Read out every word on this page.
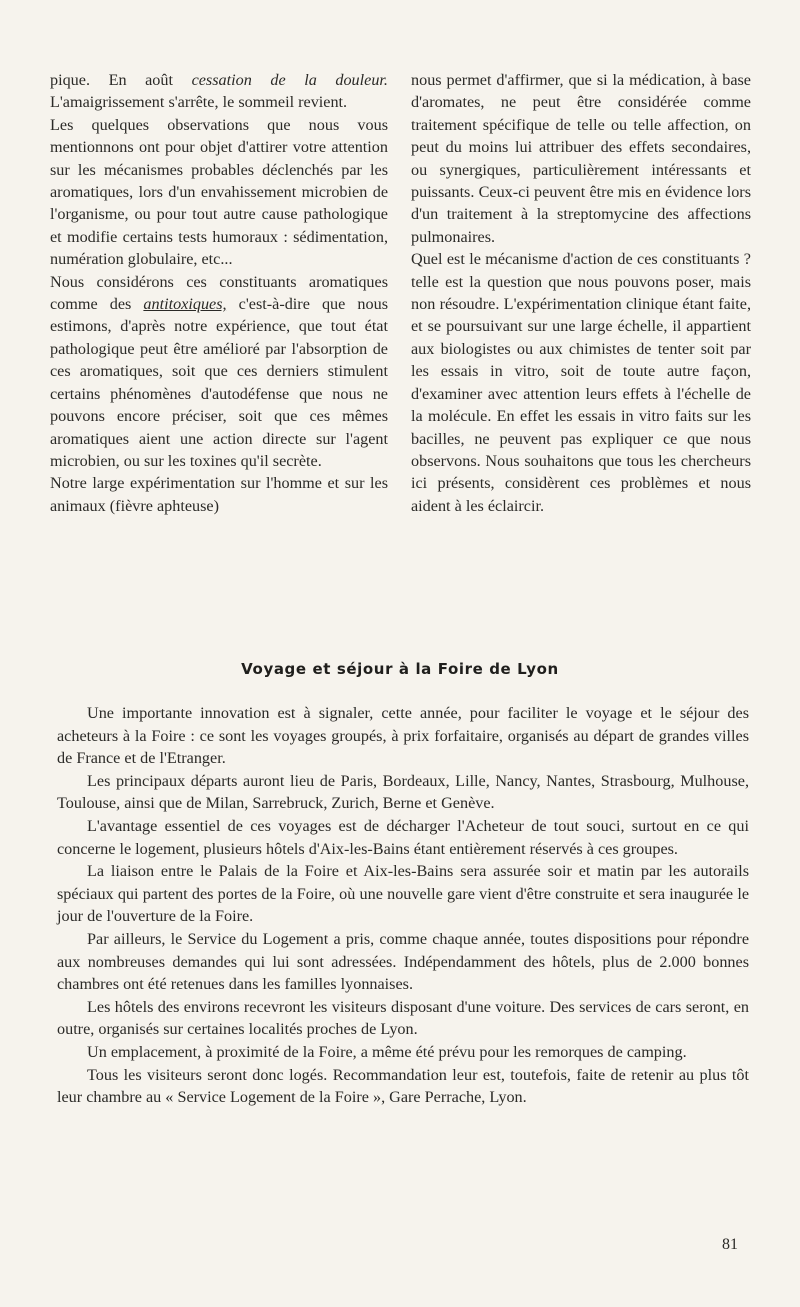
pique. En août cessation de la douleur. L'amaigrissement s'arrête, le sommeil revient.

Les quelques observations que nous vous mentionnons ont pour objet d'attirer votre attention sur les mécanismes probables déclenchés par les aromatiques, lors d'un envahissement microbien de l'organisme, ou pour tout autre cause pathologique et modifie certains tests humoraux : sédimentation, numération globulaire, etc...

Nous considérons ces constituants aromatiques comme des antitoxiques, c'est-à-dire que nous estimons, d'après notre expérience, que tout état pathologique peut être amélioré par l'absorption de ces aromatiques, soit que ces derniers stimulent certains phénomènes d'autodéfense que nous ne pouvons encore préciser, soit que ces mêmes aromatiques aient une action directe sur l'agent microbien, ou sur les toxines qu'il secrète.

Notre large expérimentation sur l'homme et sur les animaux (fièvre aphteuse)

nous permet d'affirmer, que si la médication, à base d'aromates, ne peut être considérée comme traitement spécifique de telle ou telle affection, on peut du moins lui attribuer des effets secondaires, ou synergiques, particulièrement intéressants et puissants. Ceux-ci peuvent être mis en évidence lors d'un traitement à la streptomycine des affections pulmonaires.

Quel est le mécanisme d'action de ces constituants ? telle est la question que nous pouvons poser, mais non résoudre. L'expérimentation clinique étant faite, et se poursuivant sur une large échelle, il appartient aux biologistes ou aux chimistes de tenter soit par les essais in vitro, soit de toute autre façon, d'examiner avec attention leurs effets à l'échelle de la molécule. En effet les essais in vitro faits sur les bacilles, ne peuvent pas expliquer ce que nous observons. Nous souhaitons que tous les chercheurs ici présents, considèrent ces problèmes et nous aident à les éclaircir.

Voyage et séjour à la Foire de Lyon

Une importante innovation est à signaler, cette année, pour faciliter le voyage et le séjour des acheteurs à la Foire : ce sont les voyages groupés, à prix forfaitaire, organisés au départ de grandes villes de France et de l'Etranger.

Les principaux départs auront lieu de Paris, Bordeaux, Lille, Nancy, Nantes, Strasbourg, Mulhouse, Toulouse, ainsi que de Milan, Sarrebruck, Zurich, Berne et Genève.

L'avantage essentiel de ces voyages est de décharger l'Acheteur de tout souci, surtout en ce qui concerne le logement, plusieurs hôtels d'Aix-les-Bains étant entièrement réservés à ces groupes.

La liaison entre le Palais de la Foire et Aix-les-Bains sera assurée soir et matin par les autorails spéciaux qui partent des portes de la Foire, où une nouvelle gare vient d'être construite et sera inaugurée le jour de l'ouverture de la Foire.

Par ailleurs, le Service du Logement a pris, comme chaque année, toutes dispositions pour répondre aux nombreuses demandes qui lui sont adressées. Indépendamment des hôtels, plus de 2.000 bonnes chambres ont été retenues dans les familles lyonnaises.

Les hôtels des environs recevront les visiteurs disposant d'une voiture. Des services de cars seront, en outre, organisés sur certaines localités proches de Lyon.

Un emplacement, à proximité de la Foire, a même été prévu pour les remorques de camping.

Tous les visiteurs seront donc logés. Recommandation leur est, toutefois, faite de retenir au plus tôt leur chambre au « Service Logement de la Foire », Gare Perrache, Lyon.

81
